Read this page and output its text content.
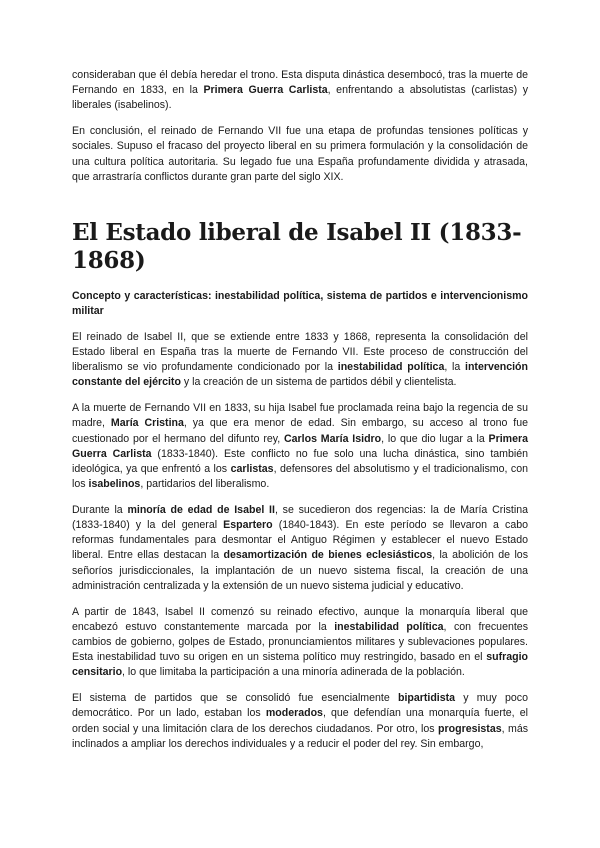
consideraban que él debía heredar el trono. Esta disputa dinástica desembocó, tras la muerte de Fernando en 1833, en la Primera Guerra Carlista, enfrentando a absolutistas (carlistas) y liberales (isabelinos).

En conclusión, el reinado de Fernando VII fue una etapa de profundas tensiones políticas y sociales. Supuso el fracaso del proyecto liberal en su primera formulación y la consolidación de una cultura política autoritaria. Su legado fue una España profundamente dividida y atrasada, que arrastraría conflictos durante gran parte del siglo XIX.

El Estado liberal de Isabel II (1833-1868)
Concepto y características: inestabilidad política, sistema de partidos e intervencionismo militar

El reinado de Isabel II, que se extiende entre 1833 y 1868, representa la consolidación del Estado liberal en España tras la muerte de Fernando VII. Este proceso de construcción del liberalismo se vio profundamente condicionado por la inestabilidad política, la intervención constante del ejército y la creación de un sistema de partidos débil y clientelista.

A la muerte de Fernando VII en 1833, su hija Isabel fue proclamada reina bajo la regencia de su madre, María Cristina, ya que era menor de edad. Sin embargo, su acceso al trono fue cuestionado por el hermano del difunto rey, Carlos María Isidro, lo que dio lugar a la Primera Guerra Carlista (1833-1840). Este conflicto no fue solo una lucha dinástica, sino también ideológica, ya que enfrentó a los carlistas, defensores del absolutismo y el tradicionalismo, con los isabelinos, partidarios del liberalismo.

Durante la minoría de edad de Isabel II, se sucedieron dos regencias: la de María Cristina (1833-1840) y la del general Espartero (1840-1843). En este período se llevaron a cabo reformas fundamentales para desmontar el Antiguo Régimen y establecer el nuevo Estado liberal. Entre ellas destacan la desamortización de bienes eclesiásticos, la abolición de los señoríos jurisdiccionales, la implantación de un nuevo sistema fiscal, la creación de una administración centralizada y la extensión de un nuevo sistema judicial y educativo.

A partir de 1843, Isabel II comenzó su reinado efectivo, aunque la monarquía liberal que encabezó estuvo constantemente marcada por la inestabilidad política, con frecuentes cambios de gobierno, golpes de Estado, pronunciamientos militares y sublevaciones populares. Esta inestabilidad tuvo su origen en un sistema político muy restringido, basado en el sufragio censitario, lo que limitaba la participación a una minoría adinerada de la población.

El sistema de partidos que se consolidó fue esencialmente bipartidista y muy poco democrático. Por un lado, estaban los moderados, que defendían una monarquía fuerte, el orden social y una limitación clara de los derechos ciudadanos. Por otro, los progresistas, más inclinados a ampliar los derechos individuales y a reducir el poder del rey. Sin embargo,
